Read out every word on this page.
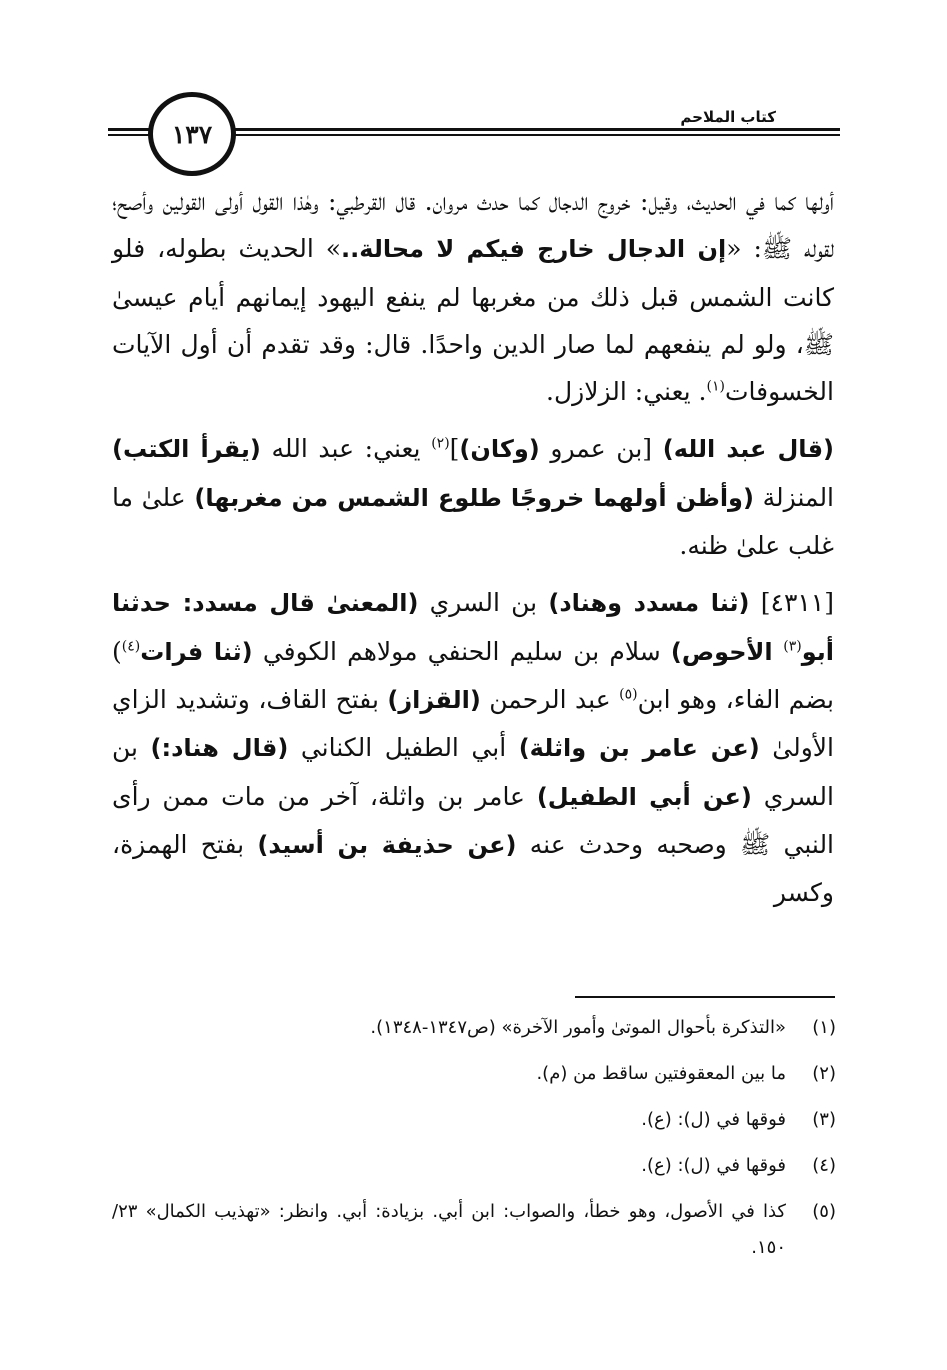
١٣٧
كتاب الملاحم

أولها كما في الحديث، وقيل: خروج الدجال كما حدث مروان. قال القرطبي: وهٰذا القول أولى القولين وأصح؛ لقوله ﷺ: «إن الدجال خارج فيكم لا محالة..» الحديث بطوله، فلو كانت الشمس قبل ذلك من مغربها لم ينفع اليهود إيمانهم أيام عيسىٰ ﷺ، ولو لم ينفعهم لما صار الدين واحدًا. قال: وقد تقدم أن أول الآيات الخسوفات$^{(١)}$. يعني: الزلازل.

(قال عبد الله) [بن عمرو (وكان)]$^{(٢)}$ يعني: عبد الله (يقرأ الكتب) المنزلة (وأظن أولهما خروجًا طلوع الشمس من مغربها) علىٰ ما غلب علىٰ ظنه.

[٤٣١١] (ثنا مسدد وهناد) بن السري (المعنىٰ قال مسدد: حدثنا أبو$^{(٣)}$ الأحوص) سلام بن سليم الحنفي مولاهم الكوفي (ثنا فرات$^{(٤)}$) بضم الفاء، وهو ابن$^{(٥)}$ عبد الرحمن (القزاز) بفتح القاف، وتشديد الزاي الأولىٰ (عن عامر بن واثلة) أبي الطفيل الكناني (قال هناد:) بن السري (عن أبي الطفيل) عامر بن واثلة، آخر من مات ممن رأى النبي ﷺ وصحبه وحدث عنه (عن حذيفة بن أسيد) بفتح الهمزة، وكسر

(١)
«التذكرة بأحوال الموتىٰ وأمور الآخرة» (ص١٣٤٧-١٣٤٨).
(٢)
ما بين المعقوفتين ساقط من (م).
(٣)
فوقها في (ل): (ع).
(٤)
فوقها في (ل): (ع).
(٥)
كذا في الأصول، وهو خطأ، والصواب: ابن أبي. بزيادة: أبي. وانظر: «تهذيب الكمال» ٢٣/ ١٥٠.
